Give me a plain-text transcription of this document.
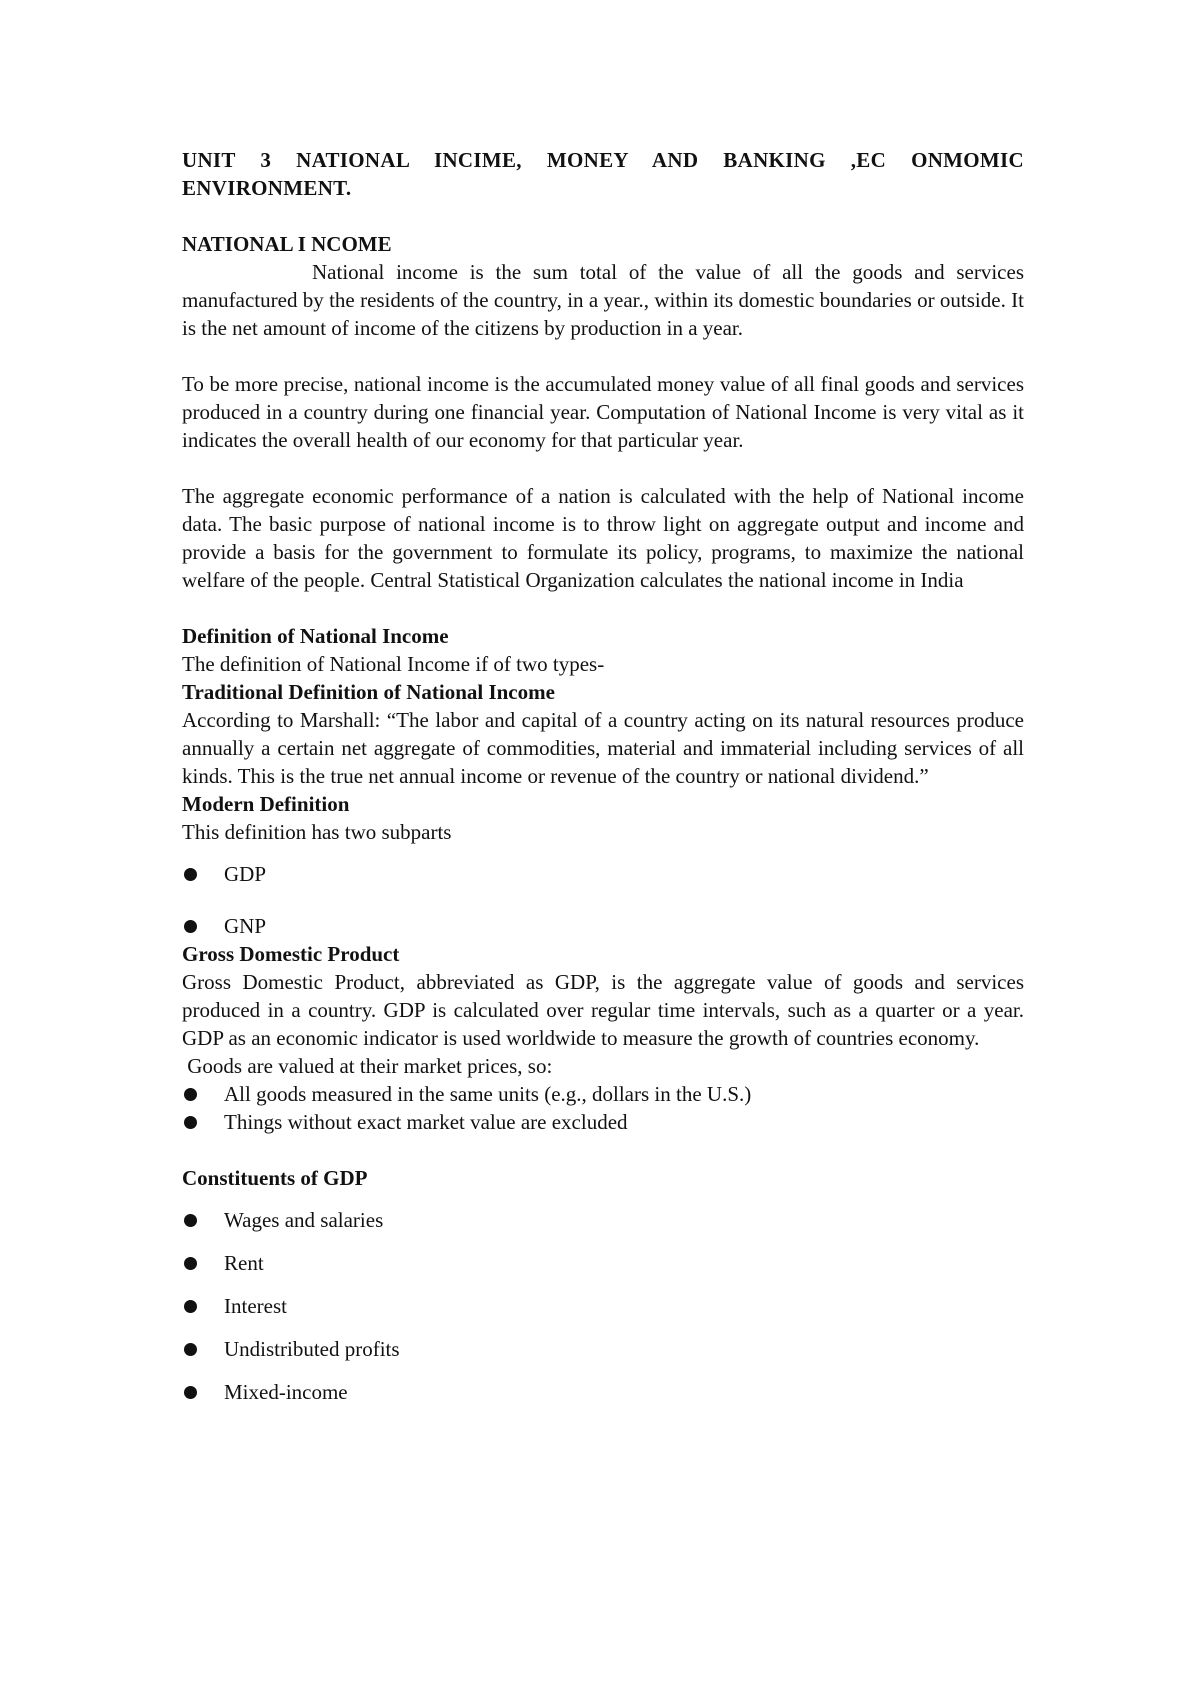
UNIT 3 NATIONAL INCIME, MONEY AND BANKING ,EC ONMOMIC ENVIRONMENT.

NATIONAL I NCOME

National income is the sum total of the value of all the goods and services manufactured by the residents of the country, in a year., within its domestic boundaries or outside. It is the net amount of income of the citizens by production in a year.

To be more precise, national income is the accumulated money value of all final goods and services produced in a country during one financial year. Computation of National Income is very vital as it indicates the overall health of our economy for that particular year.

The aggregate economic performance of a nation is calculated with the help of National income data. The basic purpose of national income is to throw light on aggregate output and income and provide a basis for the government to formulate its policy, programs, to maximize the national welfare of the people. Central Statistical Organization calculates the national income in India

Definition of National Income

The definition of National Income if of two types-

Traditional Definition of National Income

According to Marshall: “The labor and capital of a country acting on its natural resources produce annually a certain net aggregate of commodities, material and immaterial including services of all kinds. This is the true net annual income or revenue of the country or national dividend.”

Modern Definition

This definition has two subparts

GDP
GNP

Gross Domestic Product

Gross Domestic Product, abbreviated as GDP, is the aggregate value of goods and services produced in a country. GDP is calculated over regular time intervals, such as a quarter or a year. GDP as an economic indicator is used worldwide to measure the growth of countries economy.

Goods are valued at their market prices, so:

All goods measured in the same units (e.g., dollars in the U.S.)
Things without exact market value are excluded

Constituents of GDP

Wages and salaries
Rent
Interest
Undistributed profits
Mixed-income
